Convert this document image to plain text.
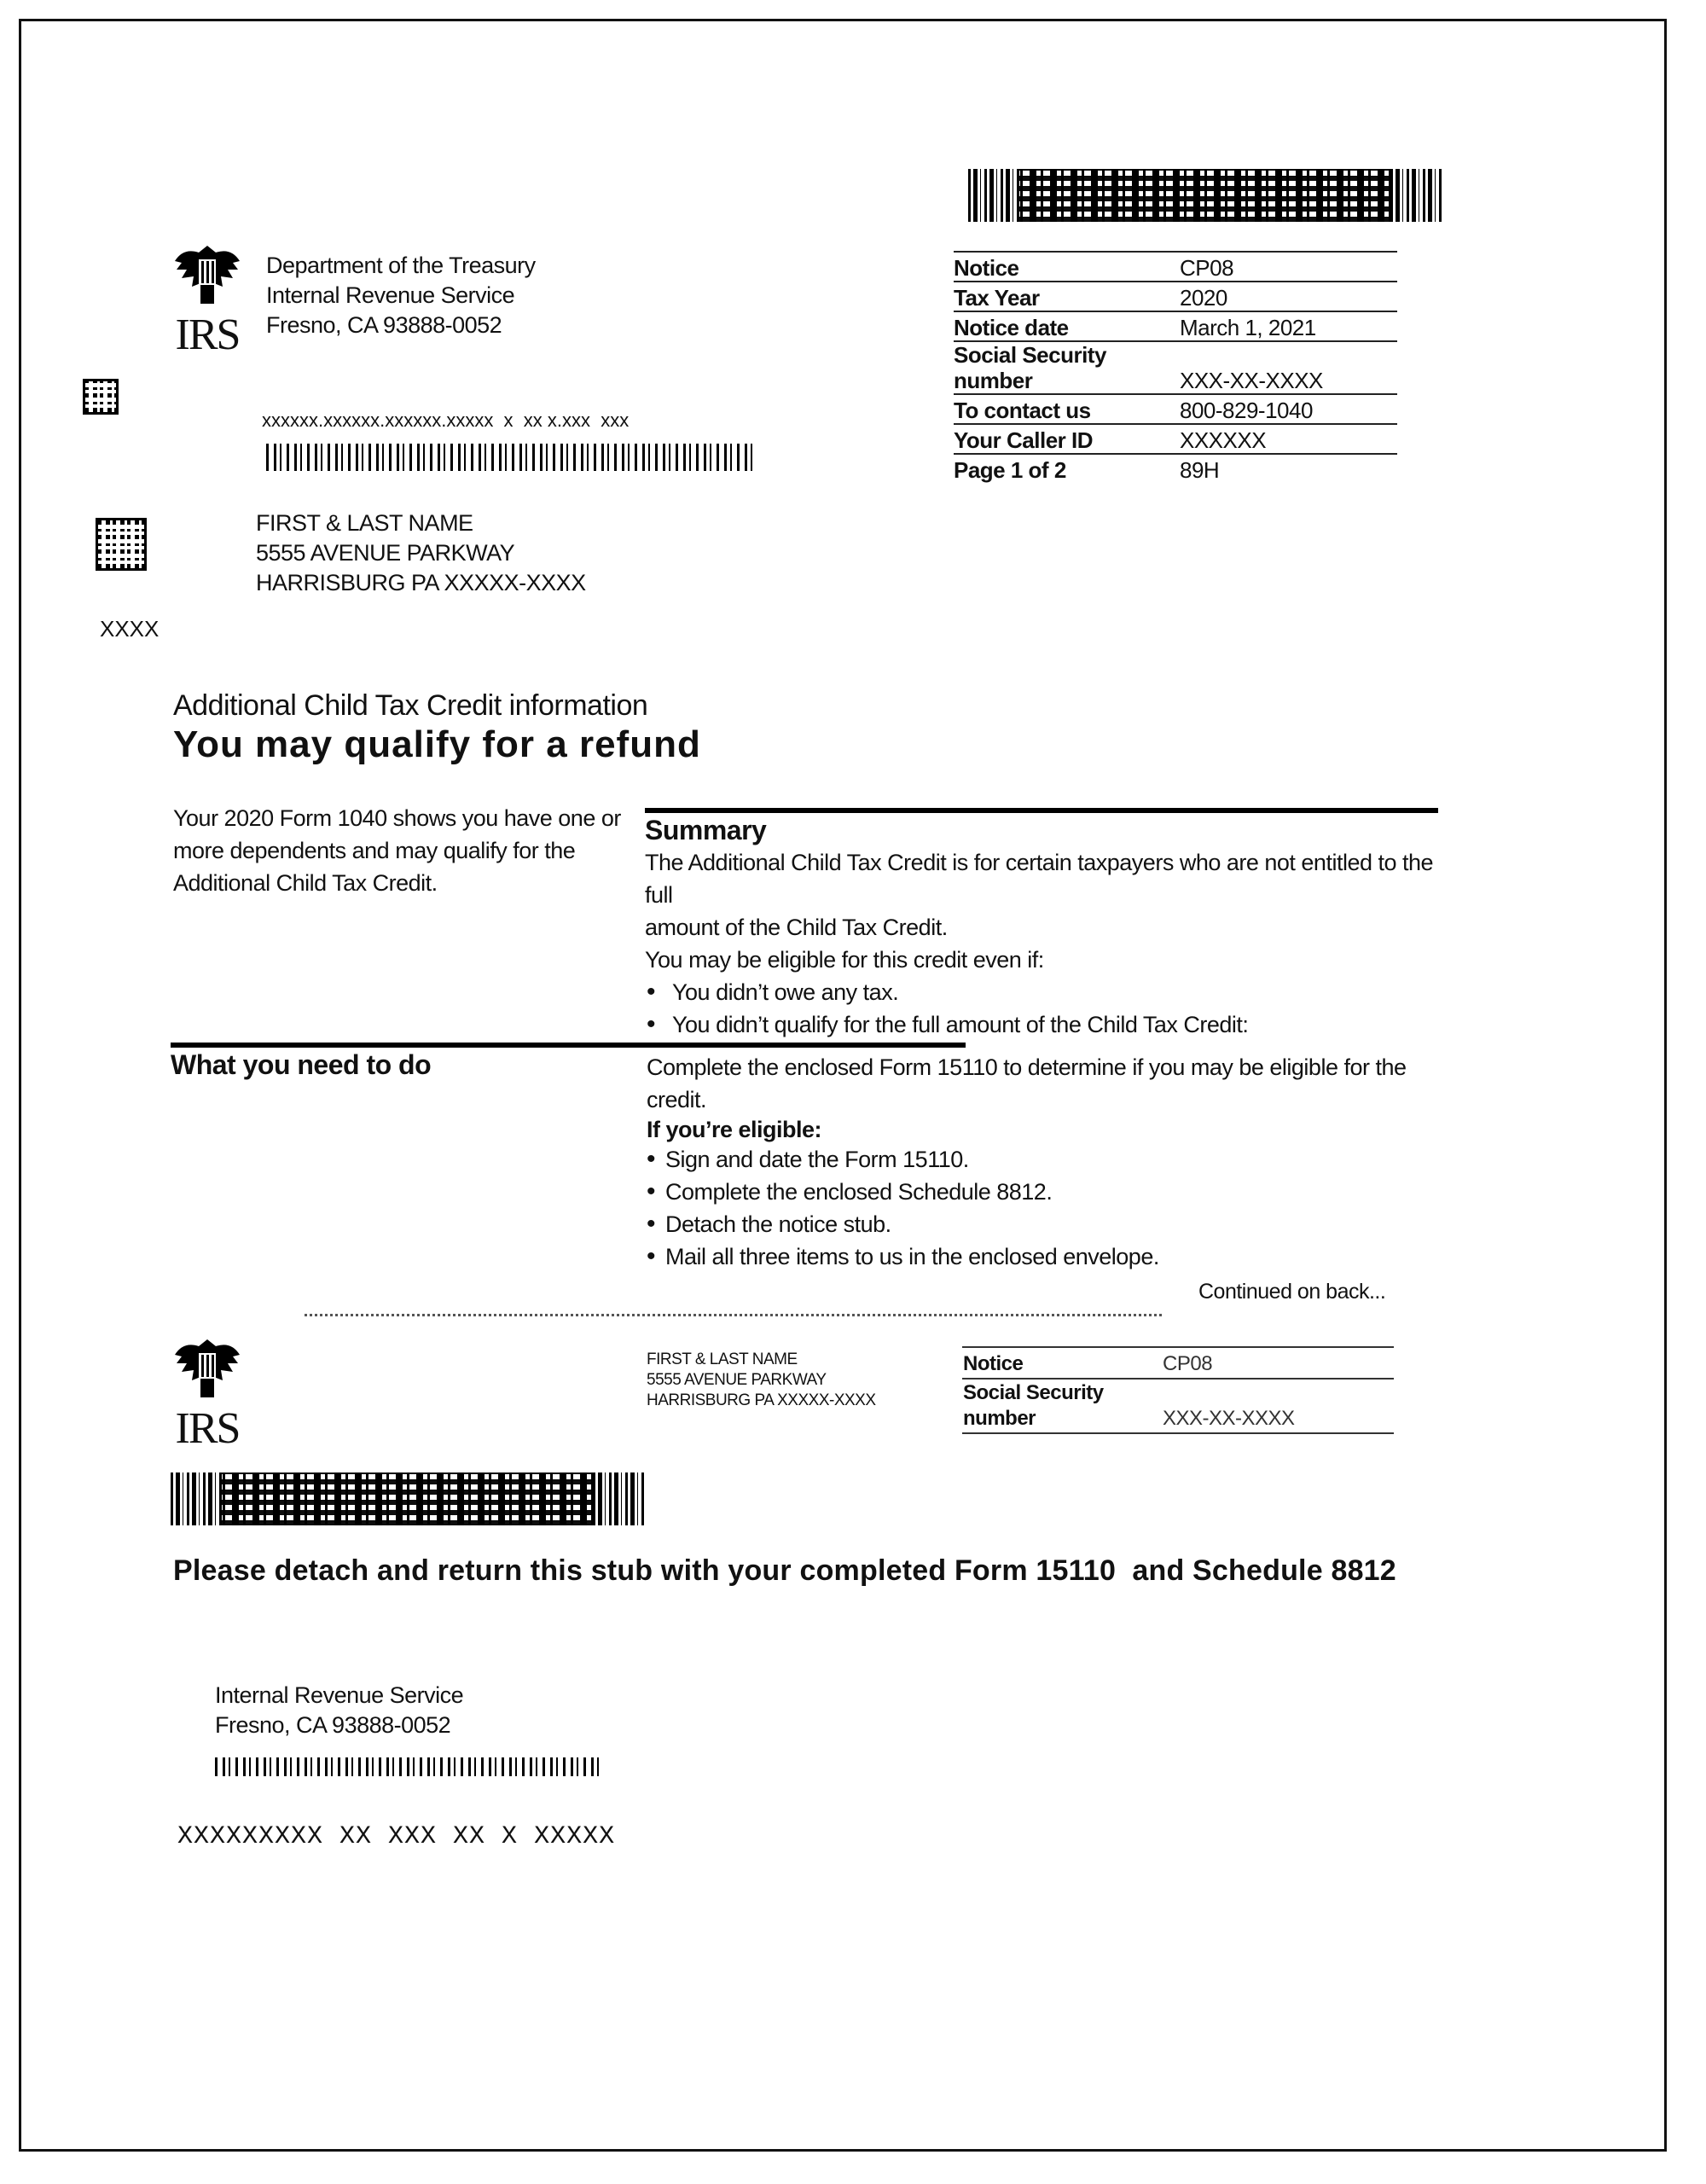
IRS
Department of the Treasury
Internal Revenue Service
Fresno, CA 93888-0052
xxxxxx.xxxxxx.xxxxxx.xxxxx  x  xx x.xxx  xxx
FIRST & LAST NAME
5555 AVENUE PARKWAY
HARRISBURG PA XXXXX-XXXX
XXXX
Notice	CP08
Tax Year	2020
Notice date	March 1, 2021
Social Security number	XXX-XX-XXXX
To contact us	800-829-1040
Your Caller ID	XXXXXX
Page 1 of 2	89H
Additional Child Tax Credit information
You may qualify for a refund
Your 2020 Form 1040 shows you have one or
more dependents and may qualify for the
Additional Child Tax Credit.
Summary
The Additional Child Tax Credit is for certain taxpayers who are not entitled to the full
amount of the Child Tax Credit.
You may be eligible for this credit even if:
• You didn’t owe any tax.
• You didn’t qualify for the full amount of the Child Tax Credit:
What you need to do	Complete the enclosed Form 15110 to determine if you may be eligible for the credit.
If you’re eligible:
• Sign and date the Form 15110.
• Complete the enclosed Schedule 8812.
• Detach the notice stub.
• Mail all three items to us in the enclosed envelope.
Continued on back...
IRS
FIRST & LAST NAME
5555 AVENUE PARKWAY
HARRISBURG PA XXXXX-XXXX
Notice	CP08
Social Security number	XXX-XX-XXXX
Please detach and return this stub with your completed Form 15110  and Schedule 8812
Internal Revenue Service
Fresno, CA 93888-0052
XXXXXXXXX XX XXX XX X XXXXX
